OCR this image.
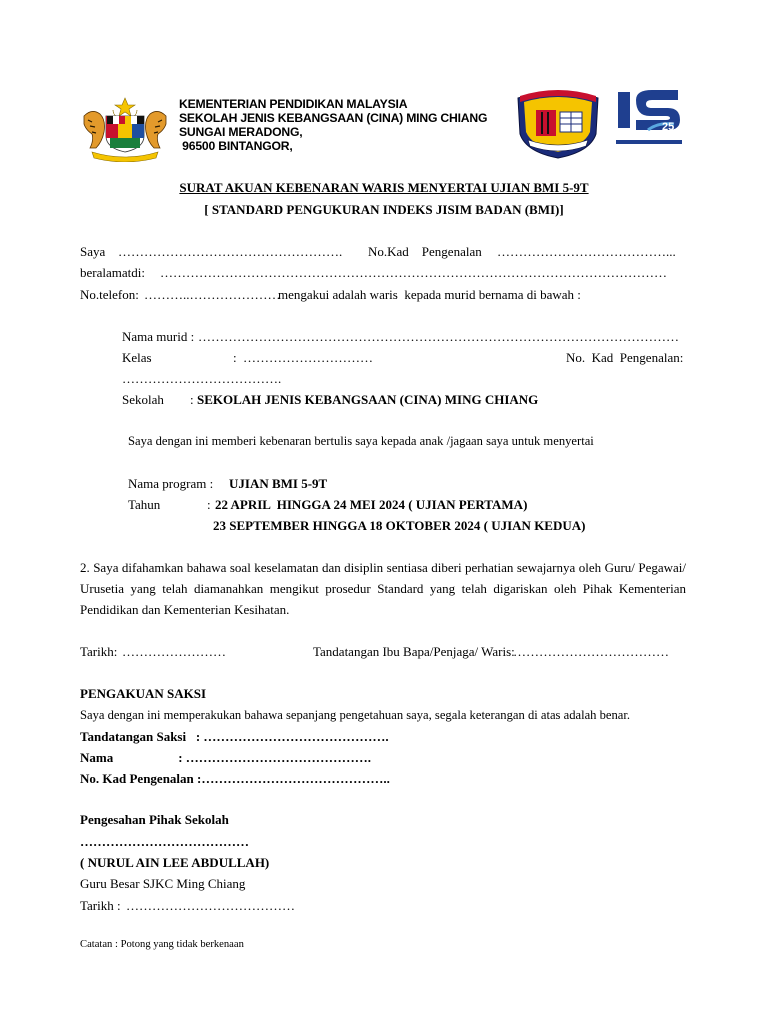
25
KEMENTERIAN PENDIDIKAN MALAYSIA
SEKOLAH JENIS KEBANGSAAN (CINA) MING CHIANG
SUNGAI MERADONG,
96500 BINTANGOR,
SURAT AKUAN KEBENARAN WARIS MENYERTAI UJIAN BMI 5-9T
[ STANDARD PENGUKURAN INDEKS JISIM BADAN (BMI)]
Saya ……………………………………………. No.Kad    Pengenalan …………………………………...
beralamatdi: ………………………………………………………………………………………………………
No.telefon: ………..…………………
mengakui adalah waris  kepada murid bernama di bawah :
Nama murid : …………………………………………………………………………………………………
Kelas	: …………………………	No.  Kad  Pengenalan:
……………………………….
Sekolah : SEKOLAH JENIS KEBANGSAAN (CINA) MING CHIANG
Saya dengan ini memberi kebenaran bertulis saya kepada anak /jagaan saya untuk menyertai
Nama program : UJIAN BMI 5-9T
Tahun	: 22 APRIL  HINGGA 24 MEI 2024 ( UJIAN PERTAMA)
23 SEPTEMBER HINGGA 18 OKTOBER 2024 ( UJIAN KEDUA)
2. Saya difahamkan bahawa soal keselamatan dan disiplin sentiasa diberi perhatian sewajarnya oleh Guru/ Pegawai/ Urusetia yang telah diamanahkan mengikut prosedur Standard yang telah digariskan oleh Pihak Kementerian Pendidikan dan Kementerian Kesihatan.
Tarikh: ……………………	Tandatangan Ibu Bapa/Penjaga/ Waris:
………………………………
PENGAKUAN SAKSI
Saya dengan ini memperakukan bahawa sepanjang pengetahuan saya, segala keterangan di atas adalah benar.
Tandatangan Saksi   : …………………………………….
Nama                    : …………………………………….
No. Kad Pengenalan :……………………………………..
Pengesahan Pihak Sekolah
…………………………………
( NURUL AIN LEE ABDULLAH)
Guru Besar SJKC Ming Chiang
Tarikh : …………………………………
Catatan : Potong yang tidak berkenaan
